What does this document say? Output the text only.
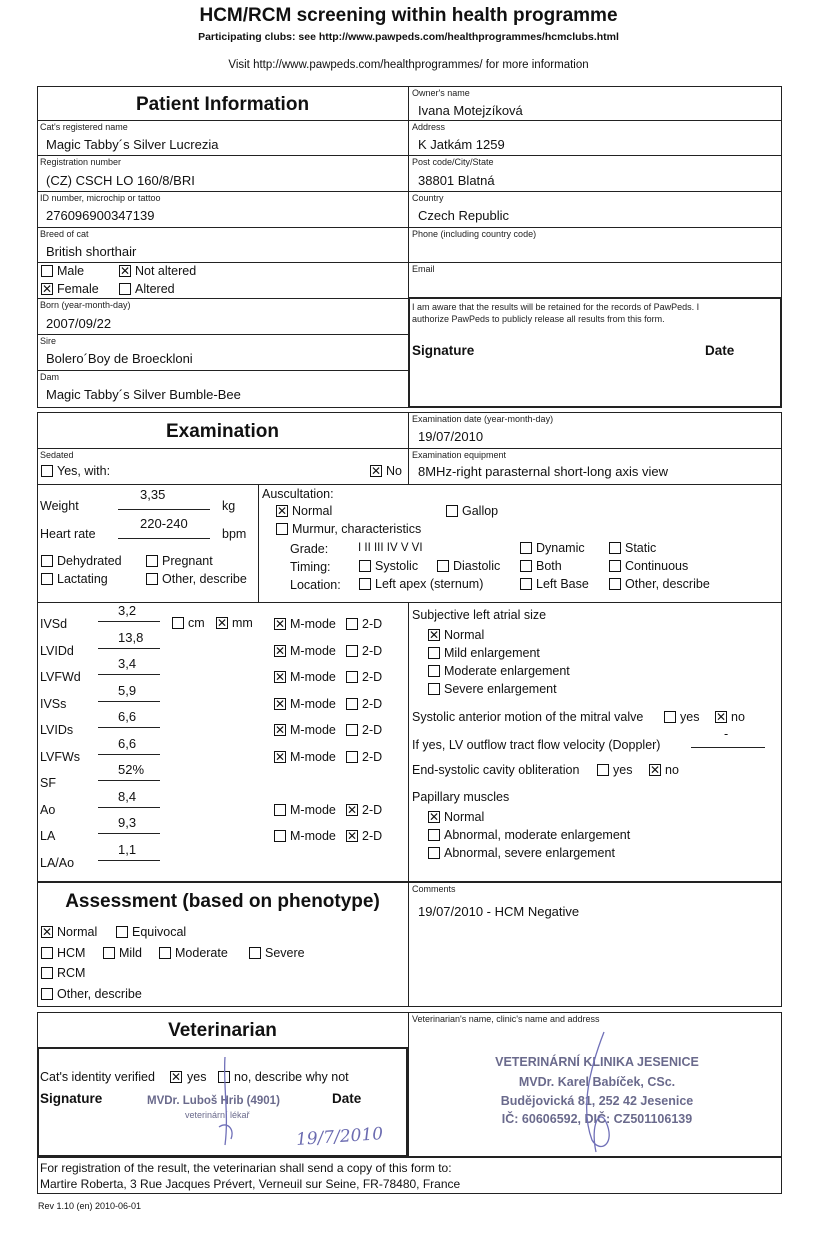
HCM/RCM screening within health programme
Participating clubs: see http://www.pawpeds.com/healthprogrammes/hcmclubs.html
Visit http://www.pawpeds.com/healthprogrammes/ for more information
Patient Information
Cat's registered name
Magic Tabby´s Silver Lucrezia
Registration number
(CZ) CSCH LO 160/8/BRI
ID number, microchip or tattoo
276096900347139
Breed of cat
British shorthair
Male	✕ Not altered
✕ Female	Altered
Born (year-month-day)
2007/09/22
Sire
Bolero´Boy de Broeckloni
Dam
Magic Tabby´s Silver Bumble-Bee
Owner's name
Ivana Motejzíková
Address
K Jatkám 1259
Post code/City/State
38801 Blatná
Country
Czech Republic
Phone (including country code)
Email
I am aware that the results will be retained for the records of PawPeds. I
authorize PawPeds to publicly release all results from this form.
Signature	Date
Examination
Examination date (year-month-day)
19/07/2010
Sedated
Yes, with:	✕ No
Examination equipment
8MHz-right parasternal short-long axis view
Weight
3,35
kg
Heart rate
220-240
bpm
Dehydrated	Pregnant
Lactating	Other, describe
Auscultation:
✕ Normal	Gallop
Murmur, characteristics
Grade:	I II III IV V VI	Dynamic	Static
Timing:	Systolic	Diastolic	Both	Continuous
Location:	Left apex (sternum)	Left Base	Other, describe
IVSd
3,2
✕ M-mode 2-D
LVIDd
13,8
✕ M-mode 2-D
LVFWd
3,4
✕ M-mode 2-D
IVSs
5,9
✕ M-mode 2-D
LVIDs
6,6
✕ M-mode 2-D
LVFWs
6,6
✕ M-mode 2-D
SF
52%
Ao
8,4
M-mode ✕ 2-D
LA
9,3
M-mode ✕ 2-D
LA/Ao
1,1
cm ✕ mm
Subjective left atrial size
✕ Normal
Mild enlargement
Moderate enlargement
Severe enlargement
Systolic anterior motion of the mitral valve	yes ✕ no
If yes, LV outflow tract flow velocity (Doppler)
-
End-systolic cavity obliteration	yes ✕ no
Papillary muscles
✕ Normal
Abnormal, moderate enlargement
Abnormal, severe enlargement
Assessment (based on phenotype)
✕ Normal	Equivocal
HCM	Mild	Moderate	Severe
RCM
Other, describe
Comments
19/07/2010 - HCM Negative
Veterinarian
Veterinarian's name, clinic's name and address
Cat's identity verified ✕ yes no, describe why not
Signature	Date
MVDr. Luboš Hrib (4901)
veterinární lékař
19/7/2010
VETERINÁRNÍ KLINIKA JESENICE
MVDr. Karel Babíček, CSc.
Budějovická 81, 252 42 Jesenice
IČ: 60606592, DIČ: CZ501106139
For registration of the result, the veterinarian shall send a copy of this form to:
Martire Roberta, 3 Rue Jacques Prévert, Verneuil sur Seine, FR-78480, France
Rev 1.10 (en) 2010-06-01
